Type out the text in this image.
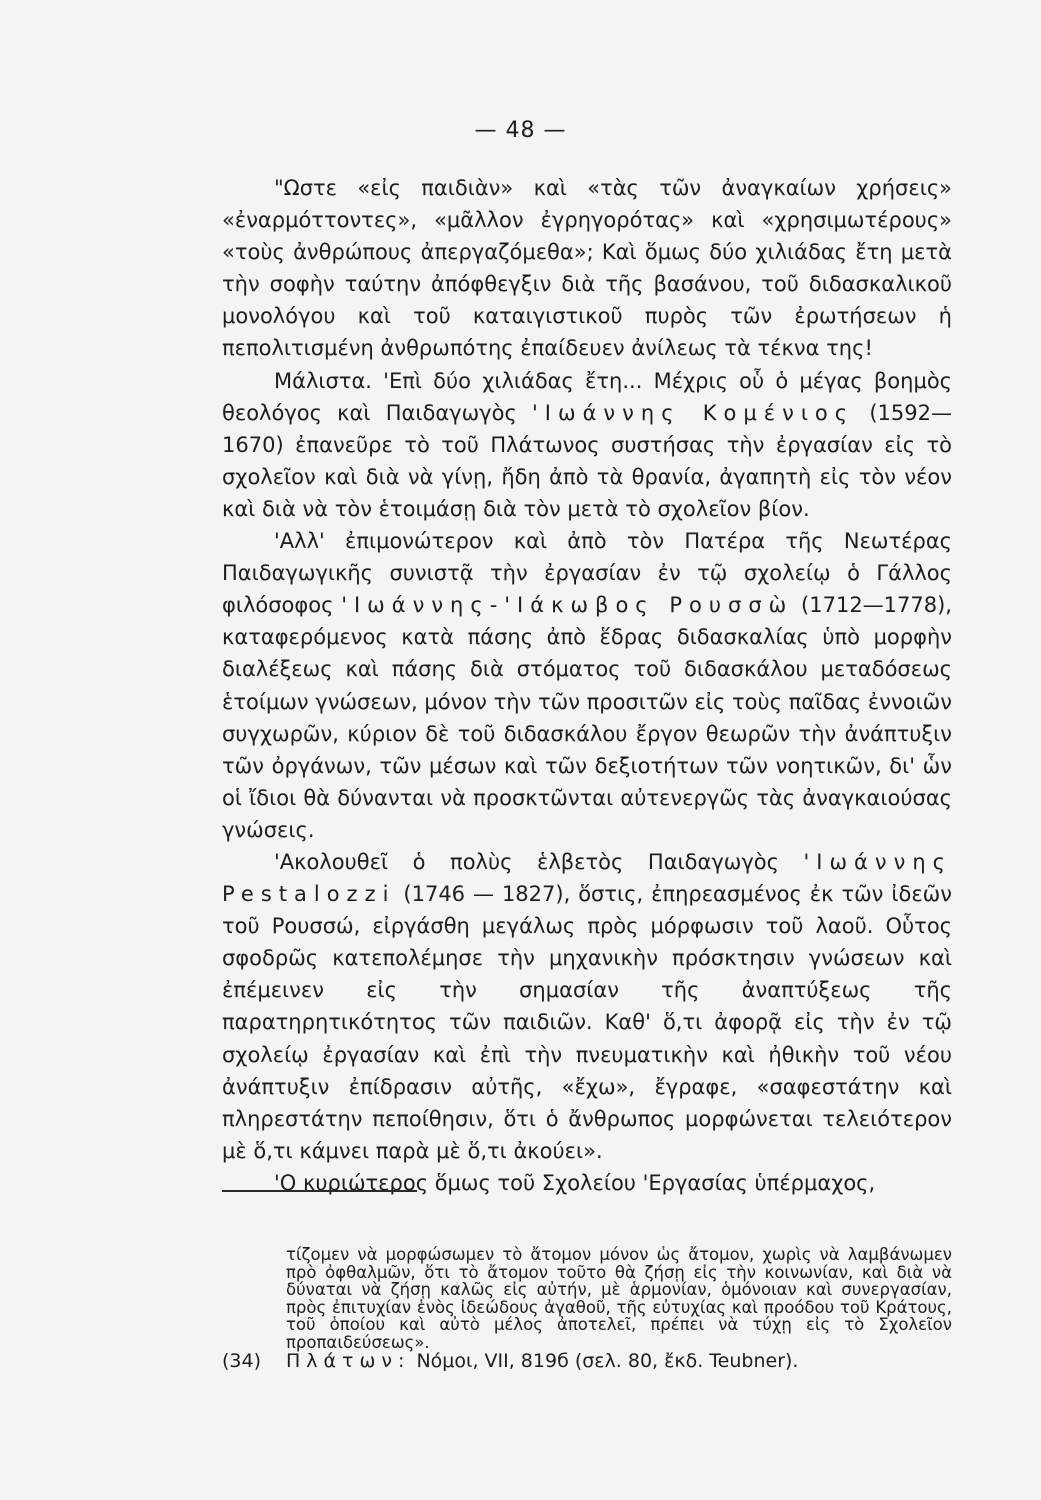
— 48 —

"Ωστε «εἰς παιδιὰν» καὶ «τὰς τῶν ἀναγκαίων χρήσεις» «ἐναρμόττοντες», «μᾶλλον ἐγρηγορότας» καὶ «χρησιμωτέρους» «τοὺς ἀνθρώπους ἀπεργαζόμεθα»; Καὶ ὅμως δύο χιλιάδας ἔτη μετὰ τὴν σοφὴν ταύτην ἀπόφθεγξιν διὰ τῆς βασάνου, τοῦ διδασκαλικοῦ μονολόγου καὶ τοῦ καταιγιστικοῦ πυρὸς τῶν ἐρωτήσεων ἡ πεπολιτισμένη ἀνθρωπότης ἐπαίδευεν ἀνίλεως τὰ τέκνα της!

Μάλιστα. 'Επὶ δύο χιλιάδας ἔτη... Μέχρις οὗ ὁ μέγας βοημὸς θεολόγος καὶ Παιδαγωγὸς 'Ιωάννης Κομένιος (1592—1670) ἐπανεῦρε τὸ τοῦ Πλάτωνος συστήσας τὴν ἐργασίαν εἰς τὸ σχολεῖον καὶ διὰ νὰ γίνῃ, ἤδη ἀπὸ τὰ θρανία, ἀγαπητὴ εἰς τὸν νέον καὶ διὰ νὰ τὸν ἑτοιμάσῃ διὰ τὸν μετὰ τὸ σχολεῖον βίον.

'Αλλ' ἐπιμονώτερον καὶ ἀπὸ τὸν Πατέρα τῆς Νεωτέρας Παιδαγωγικῆς συνιστᾷ τὴν ἐργασίαν ἐν τῷ σχολείῳ ὁ Γάλλος φιλόσοφος 'Ιωάννης-'Ιάκωβος Ρουσσὼ (1712—1778), καταφερόμενος κατὰ πάσης ἀπὸ ἕδρας διδασκαλίας ὑπὸ μορφὴν διαλέξεως καὶ πάσης διὰ στόματος τοῦ διδασκάλου μεταδόσεως ἑτοίμων γνώσεων, μόνον τὴν τῶν προσιτῶν εἰς τοὺς παῖδας ἐννοιῶν συγχωρῶν, κύριον δὲ τοῦ διδασκάλου ἔργον θεωρῶν τὴν ἀνάπτυξιν τῶν ὀργάνων, τῶν μέσων καὶ τῶν δεξιοτήτων τῶν νοητικῶν, δι' ὧν οἱ ἴδιοι θὰ δύνανται νὰ προσκτῶνται αὐτενεργῶς τὰς ἀναγκαιούσας γνώσεις.

'Ακολουθεῖ ὁ πολὺς ἑλβετὸς Παιδαγωγὸς 'Ιωάννης Pestalozzi (1746 — 1827), ὅστις, ἐπηρεασμένος ἐκ τῶν ἰδεῶν τοῦ Ρουσσώ, εἰργάσθη μεγάλως πρὸς μόρφωσιν τοῦ λαοῦ. Οὗτος σφοδρῶς κατεπολέμησε τὴν μηχανικὴν πρόσκτησιν γνώσεων καὶ ἐπέμεινεν εἰς τὴν σημασίαν τῆς ἀναπτύξεως τῆς παρατηρητικότητος τῶν παιδιῶν. Καθ' ὅ,τι ἀφορᾷ εἰς τὴν ἐν τῷ σχολείῳ ἐργασίαν καὶ ἐπὶ τὴν πνευματικὴν καὶ ἠθικὴν τοῦ νέου ἀνάπτυξιν ἐπίδρασιν αὐτῆς, «ἔχω», ἔγραφε, «σαφεστάτην καὶ πληρεστάτην πεποίθησιν, ὅτι ὁ ἄνθρωπος μορφώνεται τελειότερον μὲ ὅ,τι κάμνει παρὰ μὲ ὅ,τι ἀκούει».

'Ο κυριώτερος ὅμως τοῦ Σχολείου 'Εργασίας ὑπέρμαχος,

τίζομεν νὰ μορφώσωμεν τὸ ἄτομον μόνον ὡς ἄτομον, χωρὶς νὰ λαμβάνωμεν πρὸ ὀφθαλμῶν, ὅτι τὸ ἄτομον τοῦτο θὰ ζήσῃ εἰς τὴν κοινωνίαν, καὶ διὰ νὰ δύναται νὰ ζήσῃ καλῶς εἰς αὐτήν, μὲ ἁρμονίαν, ὁμόνοιαν καὶ συνεργασίαν, πρὸς ἐπιτυχίαν ἑνὸς ἰδεώδους ἀγαθοῦ, τῆς εὐτυχίας καὶ προόδου τοῦ Κράτους, τοῦ ὁποίου καὶ αὐτὸ μέλος ἀποτελεῖ, πρέπει νὰ τύχῃ εἰς τὸ Σχολεῖον προπαιδεύσεως».
(34)	Πλάτων: Νόμοι, VII, 819б (σελ. 80, ἔκδ. Teubner).
